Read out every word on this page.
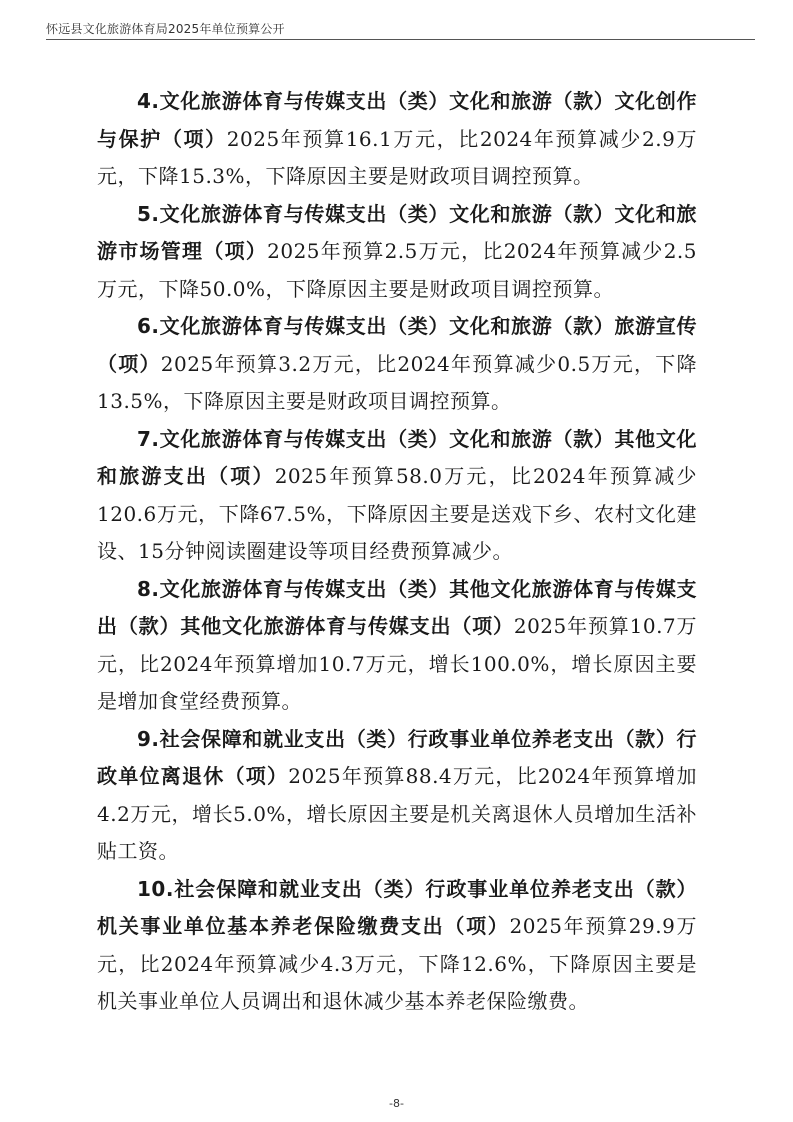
怀远县文化旅游体育局2025年单位预算公开

4.文化旅游体育与传媒支出（类）文化和旅游（款）文化创作与保护（项）2025年预算16.1万元，比2024年预算减少2.9万元，下降15.3%，下降原因主要是财政项目调控预算。

5.文化旅游体育与传媒支出（类）文化和旅游（款）文化和旅游市场管理（项）2025年预算2.5万元，比2024年预算减少2.5万元，下降50.0%，下降原因主要是财政项目调控预算。

6.文化旅游体育与传媒支出（类）文化和旅游（款）旅游宣传（项）2025年预算3.2万元，比2024年预算减少0.5万元，下降13.5%，下降原因主要是财政项目调控预算。

7.文化旅游体育与传媒支出（类）文化和旅游（款）其他文化和旅游支出（项）2025年预算58.0万元，比2024年预算减少120.6万元，下降67.5%，下降原因主要是送戏下乡、农村文化建设、15分钟阅读圈建设等项目经费预算减少。

8.文化旅游体育与传媒支出（类）其他文化旅游体育与传媒支出（款）其他文化旅游体育与传媒支出（项）2025年预算10.7万元，比2024年预算增加10.7万元，增长100.0%，增长原因主要是增加食堂经费预算。

9.社会保障和就业支出（类）行政事业单位养老支出（款）行政单位离退休（项）2025年预算88.4万元，比2024年预算增加4.2万元，增长5.0%，增长原因主要是机关离退休人员增加生活补贴工资。

10.社会保障和就业支出（类）行政事业单位养老支出（款）机关事业单位基本养老保险缴费支出（项）2025年预算29.9万元，比2024年预算减少4.3万元，下降12.6%，下降原因主要是机关事业单位人员调出和退休减少基本养老保险缴费。

-8-
